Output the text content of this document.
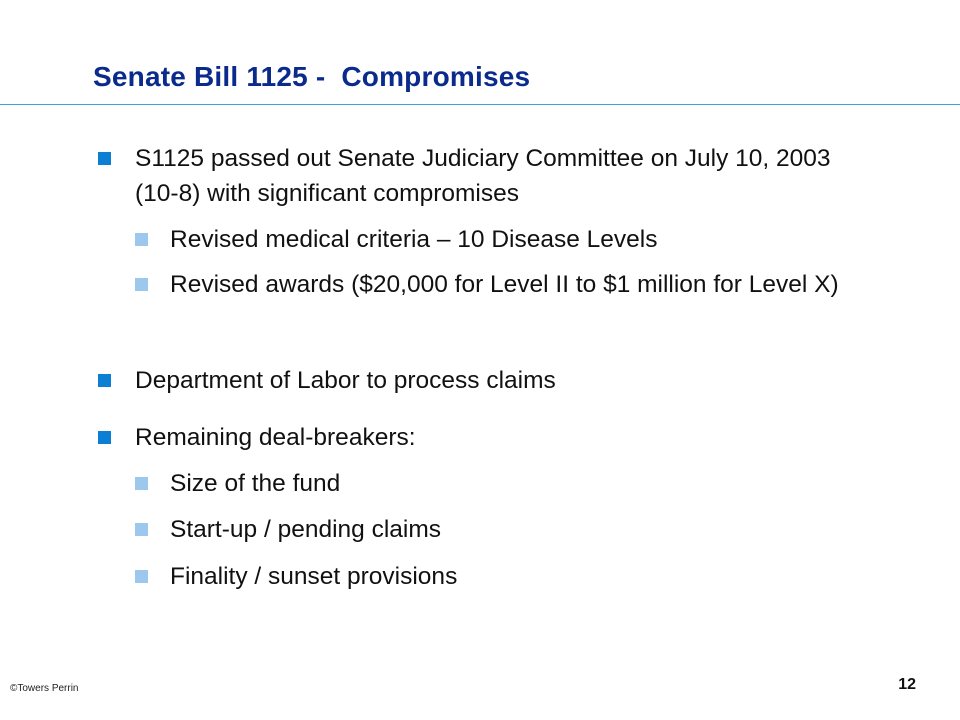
Senate Bill 1125 -  Compromises
S1125 passed out Senate Judiciary Committee on July 10, 2003 (10-8) with significant compromises
Revised medical criteria – 10 Disease Levels
Revised awards ($20,000 for Level II to $1 million for Level X)
Department of Labor to process claims
Remaining deal-breakers:
Size of the fund
Start-up / pending claims
Finality / sunset provisions
©Towers Perrin	12
